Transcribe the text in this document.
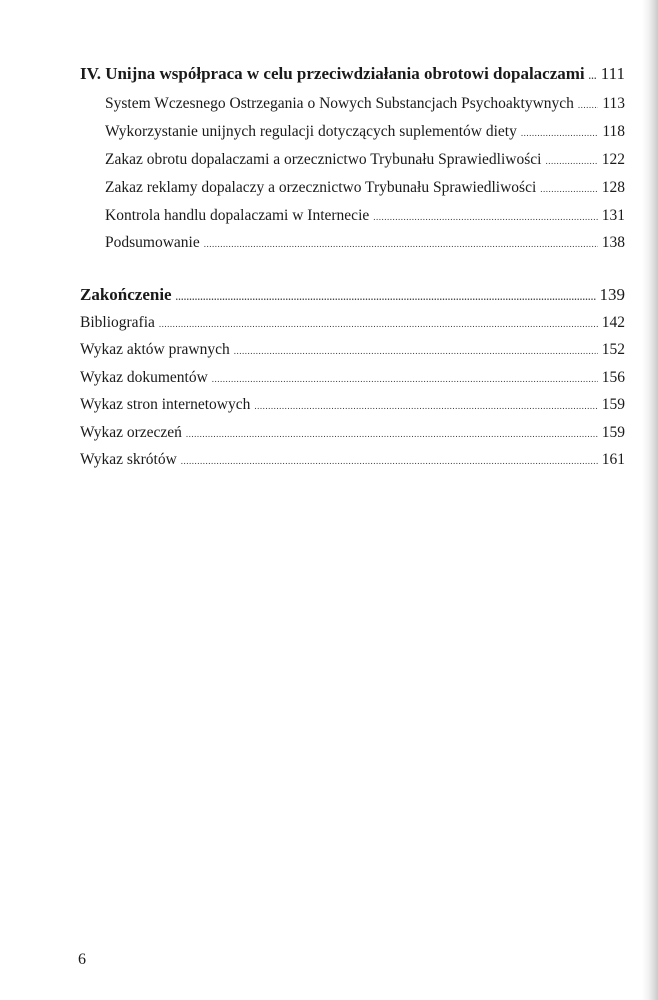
IV. Unijna współpraca w celu przeciwdziałania obrotowi dopalaczami ..... 111
System Wczesnego Ostrzegania o Nowych Substancjach Psychoaktywnych ..... 113
Wykorzystanie unijnych regulacji dotyczących suplementów diety .....	118
Zakaz obrotu dopalaczami a orzecznictwo Trybunału Sprawiedliwości .....	122
Zakaz reklamy dopalaczy a orzecznictwo Trybunału Sprawiedliwości .....	128
Kontrola handlu dopalaczami w Internecie .....	131
Podsumowanie .....	138
Zakończenie .....	139
Bibliografia .....	142
Wykaz aktów prawnych .....	152
Wykaz dokumentów .....	156
Wykaz stron internetowych .....	159
Wykaz orzeczeń .....	159
Wykaz skrótów .....	161
6
